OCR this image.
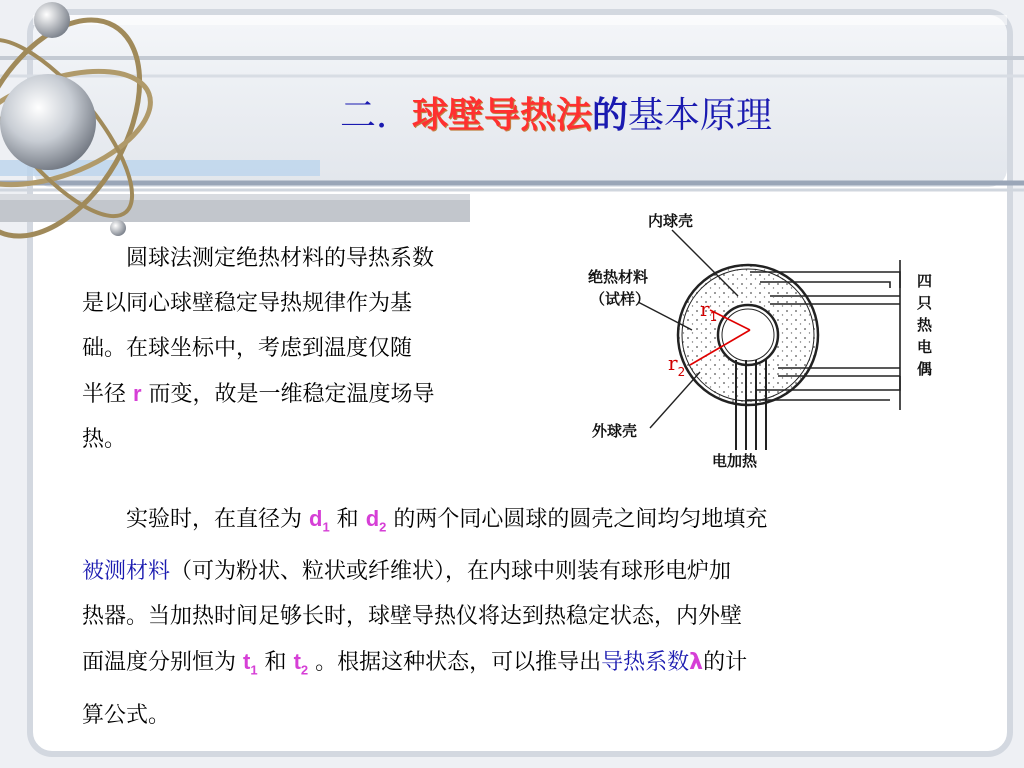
二．球壁导热法的基本原理
圆球法测定绝热材料的导热系数
是以同心球壁稳定导热规律作为基
础。在球坐标中，考虑到温度仅随
半径 r 而变，故是一维稳定温度场导
热。
实验时，在直径为 $d_1$ 和 $d_2$ 的两个同心圆球的圆壳之间均匀地填充
被测材料（可为粉状、粒状或纤维状），在内球中则装有球形电炉加
热器。当加热时间足够长时，球壁导热仪将达到热稳定状态，内外壁
面温度分别恒为 $t_1$ 和 $t_2$ 。根据这种状态，可以推导出导热系数λ的计
算公式。
内球壳
绝热材料
（试样） $r_1$
$r_2$
外球壳
电加热
四
只
热
电
偶
